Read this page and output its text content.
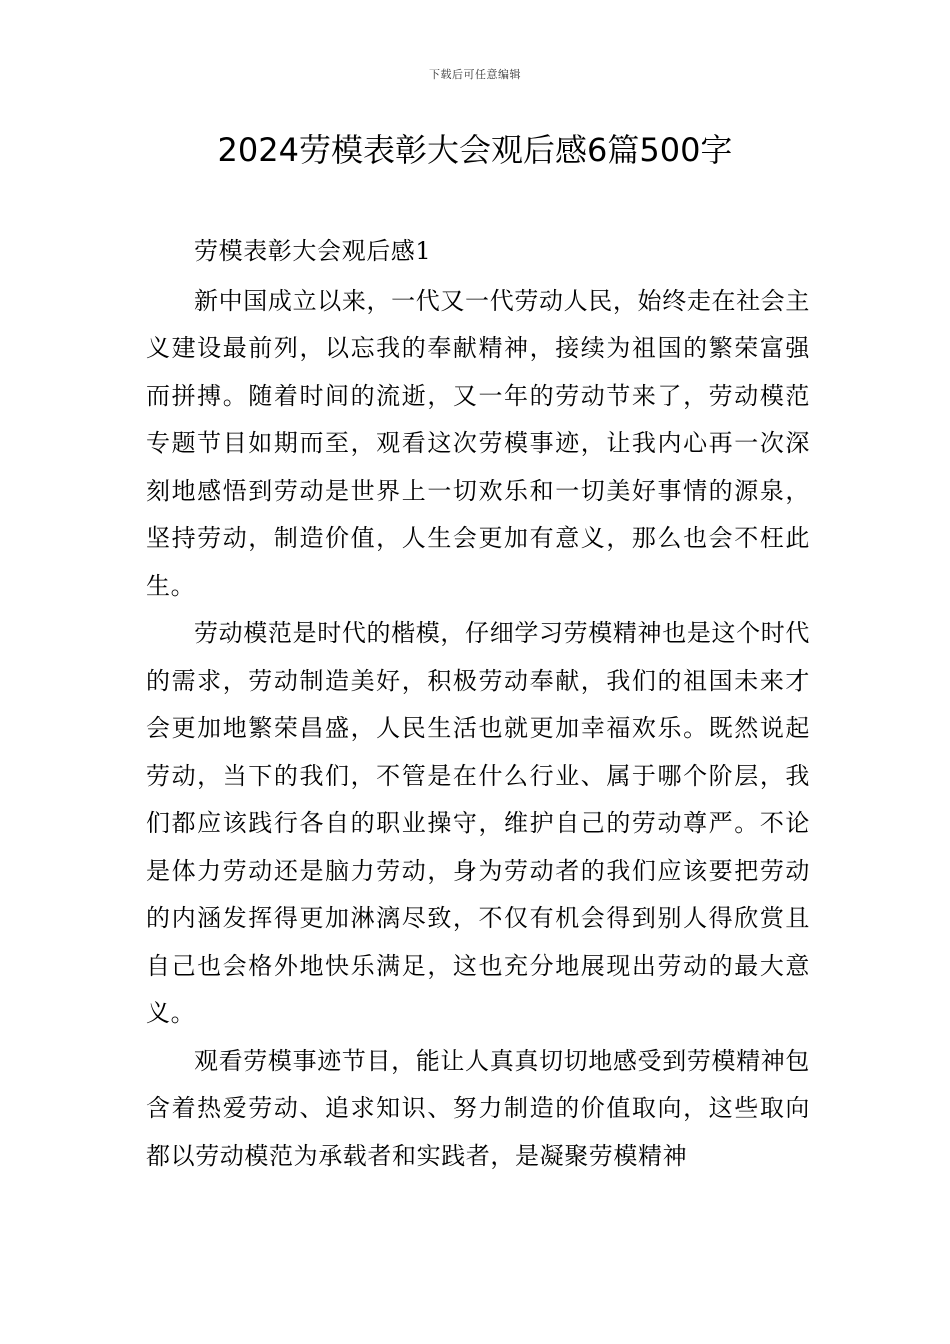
下载后可任意编辑
2024劳模表彰大会观后感6篇500字

劳模表彰大会观后感1

新中国成立以来，一代又一代劳动人民，始终走在社会主义建设最前列，以忘我的奉献精神，接续为祖国的繁荣富强而拼搏。随着时间的流逝，又一年的劳动节来了，劳动模范专题节目如期而至，观看这次劳模事迹，让我内心再一次深刻地感悟到劳动是世界上一切欢乐和一切美好事情的源泉，坚持劳动，制造价值，人生会更加有意义，那么也会不枉此生。

劳动模范是时代的楷模，仔细学习劳模精神也是这个时代的需求，劳动制造美好，积极劳动奉献，我们的祖国未来才会更加地繁荣昌盛，人民生活也就更加幸福欢乐。既然说起劳动，当下的我们，不管是在什么行业、属于哪个阶层，我们都应该践行各自的职业操守，维护自己的劳动尊严。不论是体力劳动还是脑力劳动，身为劳动者的我们应该要把劳动的内涵发挥得更加淋漓尽致，不仅有机会得到别人得欣赏且自己也会格外地快乐满足，这也充分地展现出劳动的最大意义。

观看劳模事迹节目，能让人真真切切地感受到劳模精神包含着热爱劳动、追求知识、努力制造的价值取向，这些取向都以劳动模范为承载者和实践者，是凝聚劳模精神
